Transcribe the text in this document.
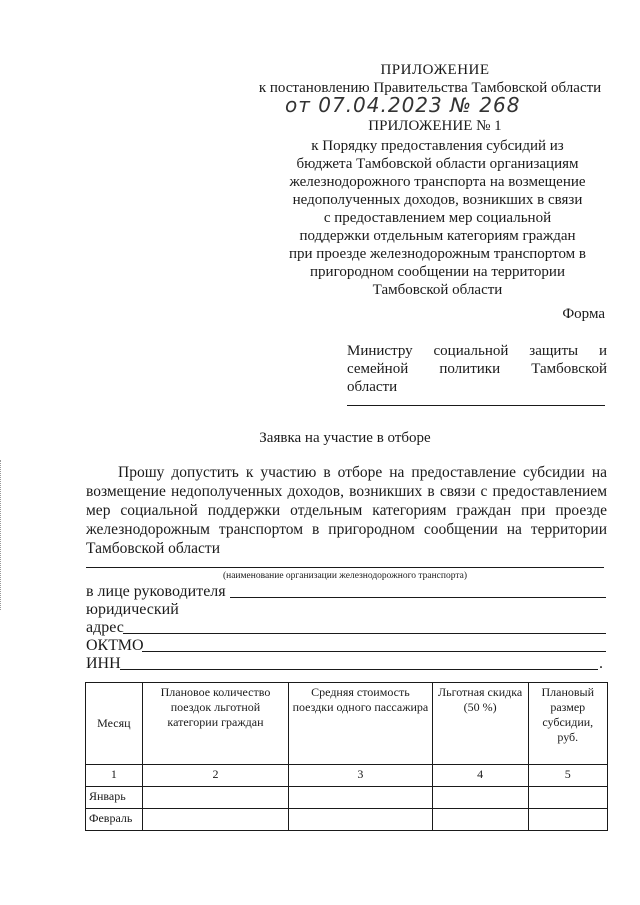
ПРИЛОЖЕНИЕ
к постановлению Правительства Тамбовской области
от 07.04.2023 № 268
ПРИЛОЖЕНИЕ № 1
к Порядку предоставления субсидий из
бюджета Тамбовской области организациям
железнодорожного транспорта на возмещение
недополученных доходов, возникших в связи
с предоставлением мер социальной
поддержки отдельным категориям граждан
при проезде железнодорожным транспортом в
пригородном сообщении на территории
Тамбовской области
Форма
Министру социальной защиты и
семейной политики Тамбовской
области
Заявка на участие в отборе
Прошу допустить к участию в отборе на предоставление субсидии на
возмещение недополученных доходов, возникших в связи с предоставлением
мер социальной поддержки отдельным категориям граждан при проезде
железнодорожным транспортом в пригородном сообщении на территории
Тамбовской области
(наименование организации железнодорожного транспорта)
в лице руководителя
юридический
адрес
ОКТМО
ИНН	.
Месяц	Плановое количество поездок льготной категории граждан	Средняя стоимость поездки одного пассажира	Льготная скидка (50 %)	Плановый размер субсидии, руб.
1	2	3	4	5
Январь				
Февраль				
